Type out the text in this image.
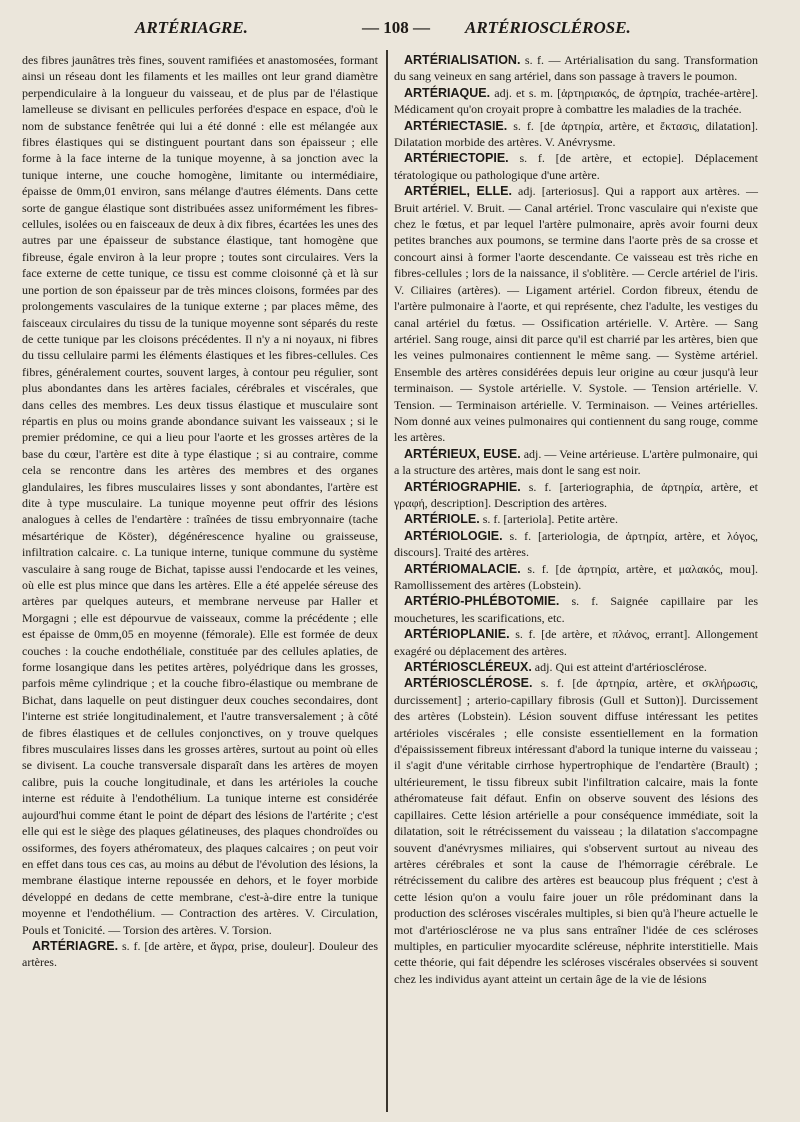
ARTÉRIAGRE.	— 108 — ARTÉRIOSCLÉROSE.

des fibres jaunâtres très fines, souvent ramifiées et anastomosées, formant ainsi un réseau dont les filaments et les mailles ont leur grand diamètre perpendiculaire à la longueur du vaisseau, et de plus par de l'élastique lamelleuse se divisant en pellicules perforées d'espace en espace, d'où le nom de substance fenêtrée qui lui a été donné : elle est mélangée aux fibres élastiques qui se distinguent pourtant dans son épaisseur ; elle forme à la face interne de la tunique moyenne, à sa jonction avec la tunique interne, une couche homogène, limitante ou intermédiaire, épaisse de 0mm,01 environ, sans mélange d'autres éléments. Dans cette sorte de gangue élastique sont distribuées assez uniformément les fibres-cellules, isolées ou en faisceaux de deux à dix fibres, écartées les unes des autres par une épaisseur de substance élastique, tant homogène que fibreuse, égale environ à la leur propre ; toutes sont circulaires. Vers la face externe de cette tunique, ce tissu est comme cloisonné çà et là sur une portion de son épaisseur par de très minces cloisons, formées par des prolongements vasculaires de la tunique externe ; par places même, des faisceaux circulaires du tissu de la tunique moyenne sont séparés du reste de cette tunique par les cloisons précédentes. Il n'y a ni noyaux, ni fibres du tissu cellulaire parmi les éléments élastiques et les fibres-cellules. Ces fibres, généralement courtes, souvent larges, à contour peu régulier, sont plus abondantes dans les artères faciales, cérébrales et viscérales, que dans celles des membres. Les deux tissus élastique et musculaire sont répartis en plus ou moins grande abondance suivant les vaisseaux ; si le premier prédomine, ce qui a lieu pour l'aorte et les grosses artères de la base du cœur, l'artère est dite à type élastique ; si au contraire, comme cela se rencontre dans les artères des membres et des organes glandulaires, les fibres musculaires lisses y sont abondantes, l'artère est dite à type musculaire. La tunique moyenne peut offrir des lésions analogues à celles de l'endartère : traînées de tissu embryonnaire (tache mésartérique de Köster), dégénérescence hyaline ou graisseuse, infiltration calcaire. c. La tunique interne, tunique commune du système vasculaire à sang rouge de Bichat, tapisse aussi l'endocarde et les veines, où elle est plus mince que dans les artères. Elle a été appelée séreuse des artères par quelques auteurs, et membrane nerveuse par Haller et Morgagni ; elle est dépourvue de vaisseaux, comme la précédente ; elle est épaisse de 0mm,05 en moyenne (fémorale). Elle est formée de deux couches : la couche endothéliale, constituée par des cellules aplaties, de forme losangique dans les petites artères, polyédrique dans les grosses, parfois même cylindrique ; et la couche fibro-élastique ou membrane de Bichat, dans laquelle on peut distinguer deux couches secondaires, dont l'interne est striée longitudinalement, et l'autre transversalement ; à côté de fibres élastiques et de cellules conjonctives, on y trouve quelques fibres musculaires lisses dans les grosses artères, surtout au point où elles se divisent. La couche transversale disparaît dans les artères de moyen calibre, puis la couche longitudinale, et dans les artérioles la couche interne est réduite à l'endothélium. La tunique interne est considérée aujourd'hui comme étant le point de départ des lésions de l'artérite ; c'est elle qui est le siège des plaques gélatineuses, des plaques chondroïdes ou ossiformes, des foyers athéromateux, des plaques calcaires ; on peut voir en effet dans tous ces cas, au moins au début de l'évolution des lésions, la membrane élastique interne repoussée en dehors, et le foyer morbide développé en dedans de cette membrane, c'est-à-dire entre la tunique moyenne et l'endothélium. — Contraction des artères. V. Circulation, Pouls et Tonicité. — Torsion des artères. V. Torsion.

ARTÉRIAGRE. s. f. [de artère, et ἄγρα, prise, douleur]. Douleur des artères.

ARTÉRIALISATION. s. f. — Artérialisation du sang. Transformation du sang veineux en sang artériel, dans son passage à travers le poumon.

ARTÉRIAQUE. adj. et s. m. [ἀρτηριακός, de ἀρτηρία, trachée-artère]. Médicament qu'on croyait propre à combattre les maladies de la trachée.

ARTÉRIECTASIE. s. f. [de ἀρτηρία, artère, et ἔκτασις, dilatation]. Dilatation morbide des artères. V. Anévrysme.

ARTÉRIECTOPIE. s. f. [de artère, et ectopie]. Déplacement tératologique ou pathologique d'une artère.

ARTÉRIEL, ELLE. adj. [arteriosus]. Qui a rapport aux artères. — Bruit artériel. V. Bruit. — Canal artériel. Tronc vasculaire qui n'existe que chez le fœtus, et par lequel l'artère pulmonaire, après avoir fourni deux petites branches aux poumons, se termine dans l'aorte près de sa crosse et concourt ainsi à former l'aorte descendante. Ce vaisseau est très riche en fibres-cellules ; lors de la naissance, il s'oblitère. — Cercle artériel de l'iris. V. Ciliaires (artères). — Ligament artériel. Cordon fibreux, étendu de l'artère pulmonaire à l'aorte, et qui représente, chez l'adulte, les vestiges du canal artériel du fœtus. — Ossification artérielle. V. Artère. — Sang artériel. Sang rouge, ainsi dit parce qu'il est charrié par les artères, bien que les veines pulmonaires contiennent le même sang. — Système artériel. Ensemble des artères considérées depuis leur origine au cœur jusqu'à leur terminaison. — Systole artérielle. V. Systole. — Tension artérielle. V. Tension. — Terminaison artérielle. V. Terminaison. — Veines artérielles. Nom donné aux veines pulmonaires qui contiennent du sang rouge, comme les artères.

ARTÉRIEUX, EUSE. adj. — Veine artérieuse. L'artère pulmonaire, qui a la structure des artères, mais dont le sang est noir.

ARTÉRIOGRAPHIE. s. f. [arteriographia, de ἀρτηρία, artère, et γραφή, description]. Description des artères.

ARTÉRIOLE. s. f. [arteriola]. Petite artère.

ARTÉRIOLOGIE. s. f. [arteriologia, de ἀρτηρία, artère, et λόγος, discours]. Traité des artères.

ARTÉRIOMALACIE. s. f. [de ἀρτηρία, artère, et μαλακός, mou]. Ramollissement des artères (Lobstein).

ARTÉRIO-PHLÉBOTOMIE. s. f. Saignée capillaire par les mouchetures, les scarifications, etc.

ARTÉRIOPLANIE. s. f. [de artère, et πλάνος, errant]. Allongement exagéré ou déplacement des artères.

ARTÉRIOSCLÉREUX. adj. Qui est atteint d'artériosclérose.

ARTÉRIOSCLÉROSE. s. f. [de ἀρτηρία, artère, et σκλήρωσις, durcissement] ; arterio-capillary fibrosis (Gull et Sutton)]. Durcissement des artères (Lobstein). Lésion souvent diffuse intéressant les petites artérioles viscérales ; elle consiste essentiellement en la formation d'épaississement fibreux intéressant d'abord la tunique interne du vaisseau ; il s'agit d'une véritable cirrhose hypertrophique de l'endartère (Brault) ; ultérieurement, le tissu fibreux subit l'infiltration calcaire, mais la fonte athéromateuse fait défaut. Enfin on observe souvent des lésions des capillaires. Cette lésion artérielle a pour conséquence immédiate, soit la dilatation, soit le rétrécissement du vaisseau ; la dilatation s'accompagne souvent d'anévrysmes miliaires, qui s'observent surtout au niveau des artères cérébrales et sont la cause de l'hémorragie cérébrale. Le rétrécissement du calibre des artères est beaucoup plus fréquent ; c'est à cette lésion qu'on a voulu faire jouer un rôle prédominant dans la production des scléroses viscérales multiples, si bien qu'à l'heure actuelle le mot d'artériosclérose ne va plus sans entraîner l'idée de ces scléroses multiples, en particulier myocardite scléreuse, néphrite interstitielle. Mais cette théorie, qui fait dépendre les scléroses viscérales observées si souvent chez les individus ayant atteint un certain âge de la vie de lésions
